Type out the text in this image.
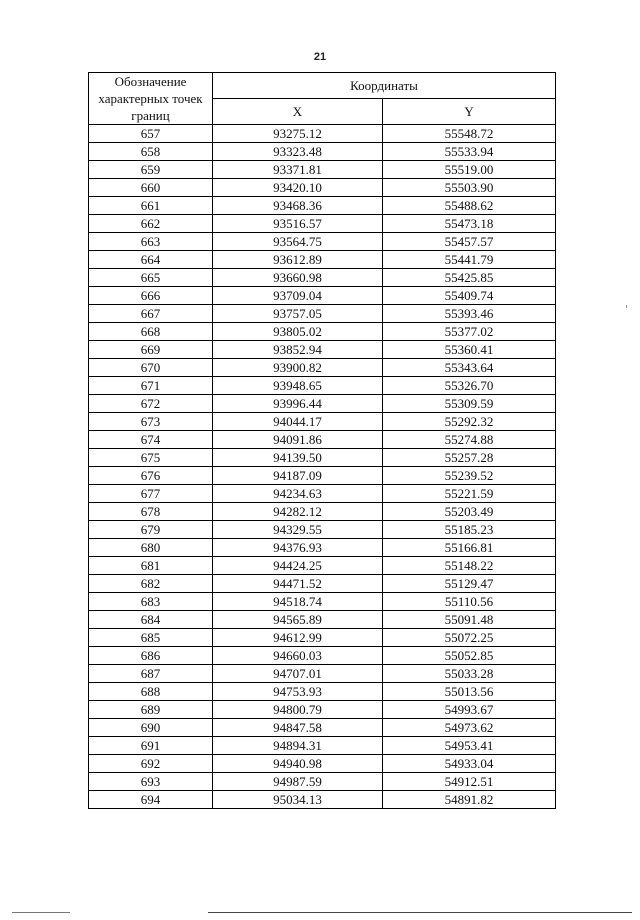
21
Обозначение характерных точек границ	Координаты	
	X	Y
657	93275.12	55548.72
658	93323.48	55533.94
659	93371.81	55519.00
660	93420.10	55503.90
661	93468.36	55488.62
662	93516.57	55473.18
663	93564.75	55457.57
664	93612.89	55441.79
665	93660.98	55425.85
666	93709.04	55409.74
667	93757.05	55393.46
668	93805.02	55377.02
669	93852.94	55360.41
670	93900.82	55343.64
671	93948.65	55326.70
672	93996.44	55309.59
673	94044.17	55292.32
674	94091.86	55274.88
675	94139.50	55257.28
676	94187.09	55239.52
677	94234.63	55221.59
678	94282.12	55203.49
679	94329.55	55185.23
680	94376.93	55166.81
681	94424.25	55148.22
682	94471.52	55129.47
683	94518.74	55110.56
684	94565.89	55091.48
685	94612.99	55072.25
686	94660.03	55052.85
687	94707.01	55033.28
688	94753.93	55013.56
689	94800.79	54993.67
690	94847.58	54973.62
691	94894.31	54953.41
692	94940.98	54933.04
693	94987.59	54912.51
694	95034.13	54891.82
